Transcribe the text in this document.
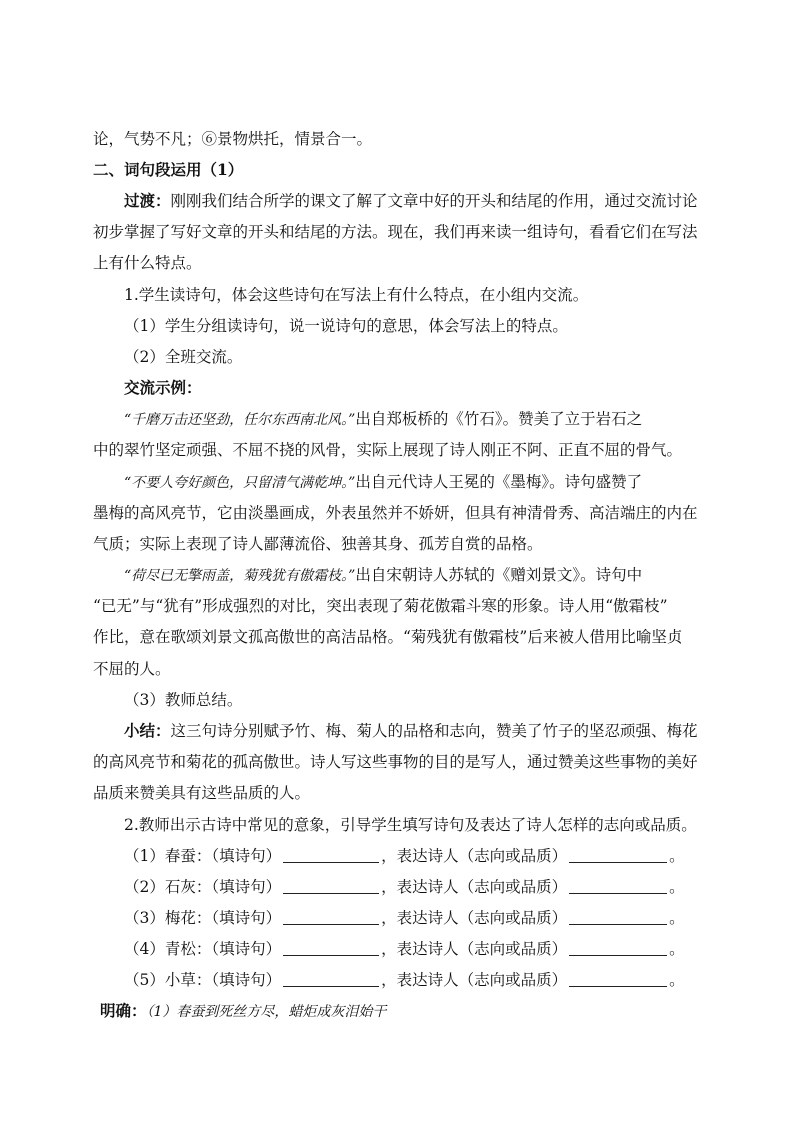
论，气势不凡；⑥景物烘托，情景合一。
二、词句段运用（1）
过渡：刚刚我们结合所学的课文了解了文章中好的开头和结尾的作用，通过交流讨论
初步掌握了写好文章的开头和结尾的方法。现在，我们再来读一组诗句，看看它们在写法
上有什么特点。
1.学生读诗句，体会这些诗句在写法上有什么特点，在小组内交流。
（1）学生分组读诗句，说一说诗句的意思，体会写法上的特点。
（2）全班交流。
交流示例：
“千磨万击还坚劲，任尔东西南北风。”出自郑板桥的《竹石》。赞美了立于岩石之
中的翠竹坚定顽强、不屈不挠的风骨，实际上展现了诗人刚正不阿、正直不屈的骨气。
“不要人夸好颜色，只留清气满乾坤。”出自元代诗人王冕的《墨梅》。诗句盛赞了
墨梅的高风亮节，它由淡墨画成，外表虽然并不娇妍，但具有神清骨秀、高洁端庄的内在
气质；实际上表现了诗人鄙薄流俗、独善其身、孤芳自赏的品格。
“荷尽已无擎雨盖，菊残犹有傲霜枝。”出自宋朝诗人苏轼的《赠刘景文》。诗句中
“已无”与“犹有”形成强烈的对比，突出表现了菊花傲霜斗寒的形象。诗人用“傲霜枝”
作比，意在歌颂刘景文孤高傲世的高洁品格。“菊残犹有傲霜枝”后来被人借用比喻坚贞
不屈的人。
（3）教师总结。
小结：这三句诗分别赋予竹、梅、菊人的品格和志向，赞美了竹子的坚忍顽强、梅花
的高风亮节和菊花的孤高傲世。诗人写这些事物的目的是写人，通过赞美这些事物的美好
品质来赞美具有这些品质的人。
2.教师出示古诗中常见的意象，引导学生填写诗句及表达了诗人怎样的志向或品质。
（1）春蚕：（填诗句）	，表达诗人（志向或品质）	。
（2）石灰：（填诗句）	，表达诗人（志向或品质）	。
（3）梅花：（填诗句）	，表达诗人（志向或品质）	。
（4）青松：（填诗句）	，表达诗人（志向或品质）	。
（5）小草：（填诗句）	，表达诗人（志向或品质）	。
明确：（1）春蚕到死丝方尽，蜡炬成灰泪始干
